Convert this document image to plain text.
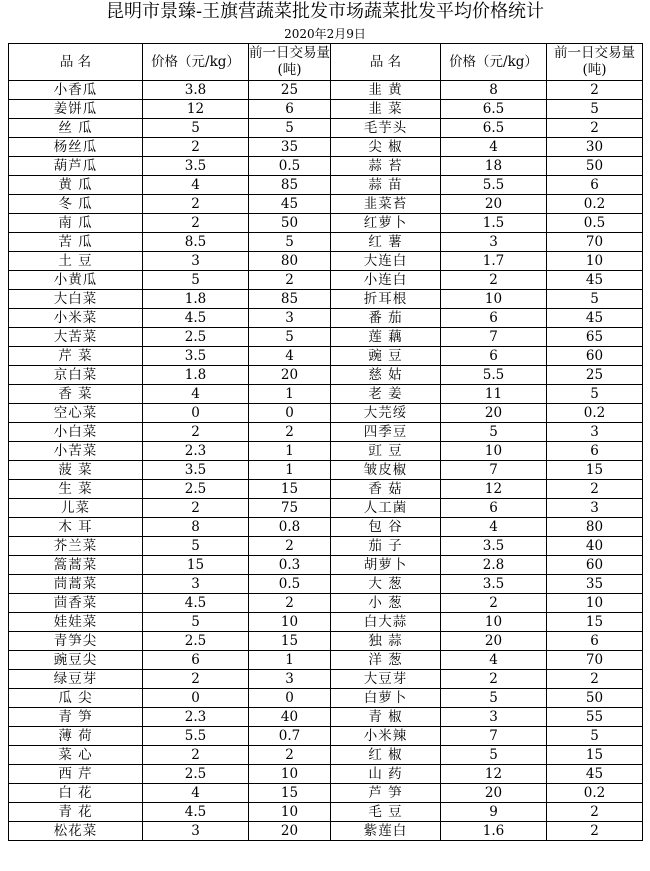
昆明市景臻-王旗营蔬菜批发市场蔬菜批发平均价格统计
2020年2月9日
品 名	价格（元/kg）	前一日交易量(吨)	品 名	价格（元/kg）	前一日交易量(吨)
小香瓜	3.8	25	韭 黄	8	2
姜饼瓜	12	6	韭 菜	6.5	5
丝 瓜	5	5	毛芋头	6.5	2
杨丝瓜	2	35	尖 椒	4	30
葫芦瓜	3.5	0.5	蒜 苔	18	50
黄 瓜	4	85	蒜 苗	5.5	6
冬 瓜	2	45	韭菜苔	20	0.2
南 瓜	2	50	红萝卜	1.5	0.5
苦 瓜	8.5	5	红 薯	3	70
土 豆	3	80	大连白	1.7	10
小黄瓜	5	2	小连白	2	45
大白菜	1.8	85	折耳根	10	5
小米菜	4.5	3	番 茄	6	45
大苦菜	2.5	5	莲 藕	7	65
芹 菜	3.5	4	豌 豆	6	60
京白菜	1.8	20	慈 姑	5.5	25
香 菜	4	1	老 姜	11	5
空心菜	0	0	大芫绥	20	0.2
小白菜	2	2	四季豆	5	3
小苦菜	2.3	1	豇 豆	10	6
菠 菜	3.5	1	皱皮椒	7	15
生 菜	2.5	15	香 菇	12	2
儿菜	2	75	人工菌	6	3
木 耳	8	0.8	包 谷	4	80
芥兰菜	5	2	茄 子	3.5	40
篙蒿菜	15	0.3	胡萝卜	2.8	60
茼蒿菜	3	0.5	大 葱	3.5	35
茴香菜	4.5	2	小 葱	2	10
娃娃菜	5	10	白大蒜	10	15
青笋尖	2.5	15	独 蒜	20	6
豌豆尖	6	1	洋 葱	4	70
绿豆芽	2	3	大豆芽	2	2
瓜 尖	0	0	白萝卜	5	50
青 笋	2.3	40	青 椒	3	55
薄 荷	5.5	0.7	小米辣	7	5
菜 心	2	2	红 椒	5	15
西 芹	2.5	10	山 药	12	45
白 花	4	15	芦 笋	20	0.2
青 花	4.5	10	毛 豆	9	2
松花菜	3	20	紫莲白	1.6	2
